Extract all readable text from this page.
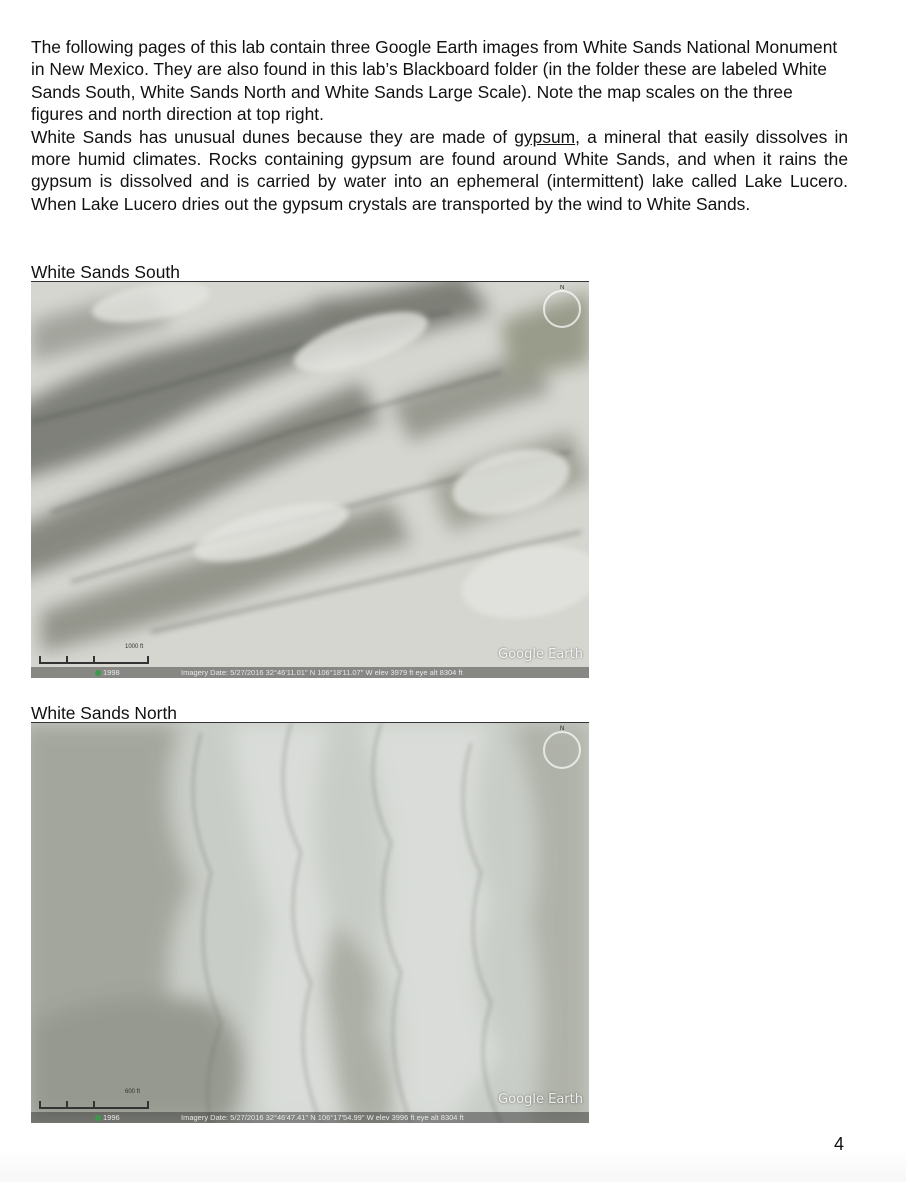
The following pages of this lab contain three Google Earth images from White Sands National Monument in New Mexico. They are also found in this lab’s Blackboard folder (in the folder these are labeled White Sands South, White Sands North and White Sands Large Scale). Note the map scales on the three figures and north direction at top right.

White Sands has unusual dunes because they are made of gypsum, a mineral that easily dissolves in more humid climates. Rocks containing gypsum are found around White Sands, and when it rains the gypsum is dissolved and is carried by water into an ephemeral (intermittent) lake called Lake Lucero. When Lake Lucero dries out the gypsum crystals are transported by the wind to White Sands.

White Sands South
N
1000 ft	Google Earth
1998	Imagery Date: 5/27/2016 32°46'11.01" N 106°18'11.07" W elev 3979 ft eye alt 8304 ft
White Sands North
N
600 ft	Google Earth
1996	Imagery Date: 5/27/2016 32°46'47.41" N 106°17'54.99" W elev 3996 ft eye alt 8304 ft
4
